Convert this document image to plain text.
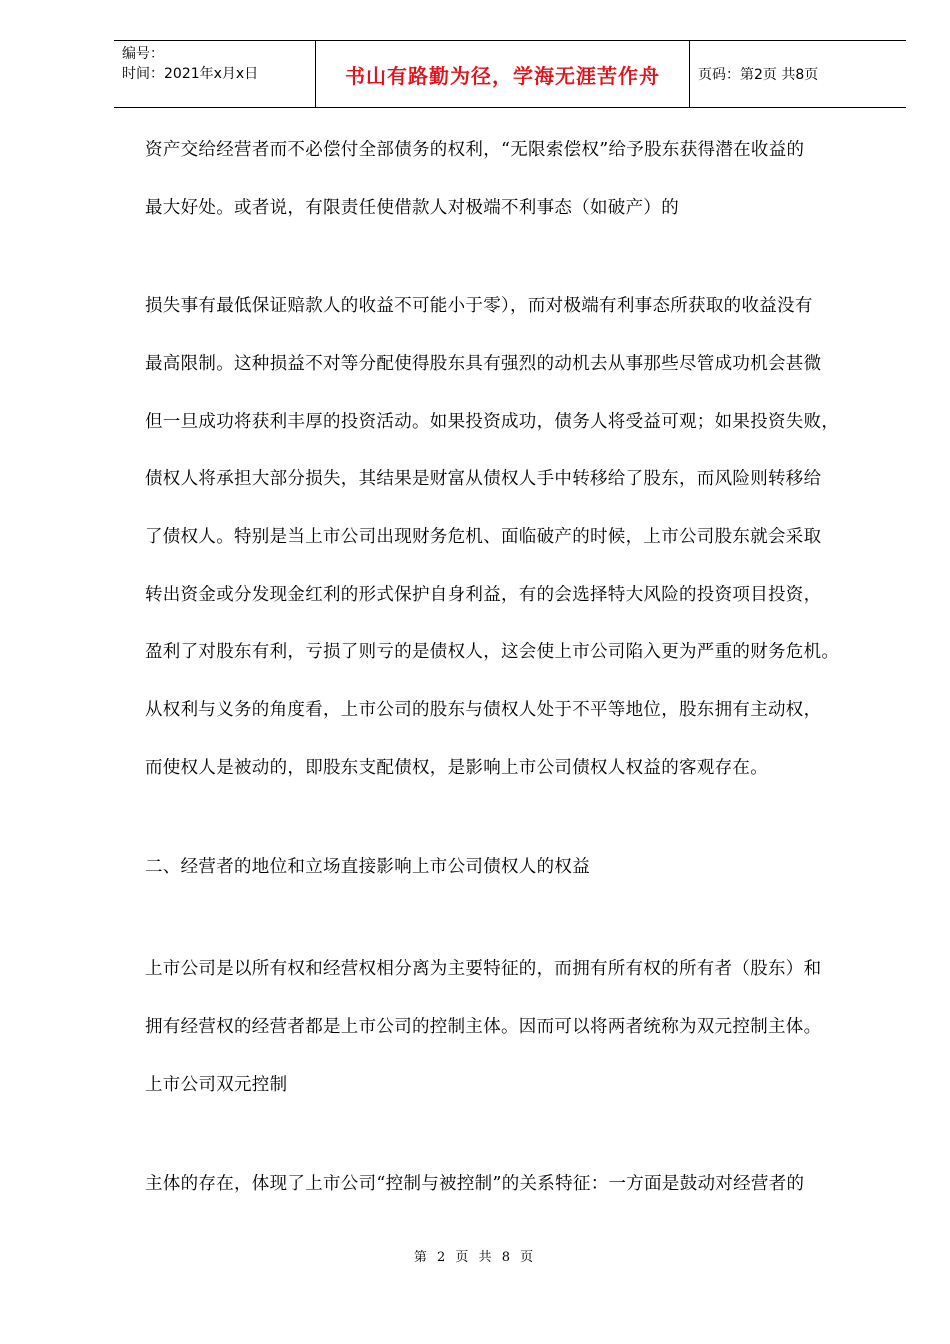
编号：
时间：2021年x月x日	书山有路勤为径，学海无涯苦作舟	页码：第2页 共8页
资产交给经营者而不必偿付全部债务的权利，“无限索偿权”给予股东获得潜在收益的
最大好处。或者说，有限责任使借款人对极端不利事态（如破产）的
损失事有最低保证赔款人的收益不可能小于零），而对极端有利事态所获取的收益没有
最高限制。这种损益不对等分配使得股东具有强烈的动机去从事那些尽管成功机会甚微
但一旦成功将获利丰厚的投资活动。如果投资成功，债务人将受益可观；如果投资失败，
债权人将承担大部分损失，其结果是财富从债权人手中转移给了股东，而风险则转移给
了债权人。特别是当上市公司出现财务危机、面临破产的时候，上市公司股东就会采取
转出资金或分发现金红利的形式保护自身利益，有的会选择特大风险的投资项目投资，
盈利了对股东有利，亏损了则亏的是债权人，这会使上市公司陷入更为严重的财务危机。
从权利与义务的角度看，上市公司的股东与债权人处于不平等地位，股东拥有主动权，
而使权人是被动的，即股东支配债权，是影响上市公司债权人权益的客观存在。
二、经营者的地位和立场直接影响上市公司债权人的权益
上市公司是以所有权和经营权相分离为主要特征的，而拥有所有权的所有者（股东）和
拥有经营权的经营者都是上市公司的控制主体。因而可以将两者统称为双元控制主体。
上市公司双元控制
主体的存在，体现了上市公司“控制与被控制”的关系特征：一方面是鼓动对经营者的
第 2 页 共 8 页
